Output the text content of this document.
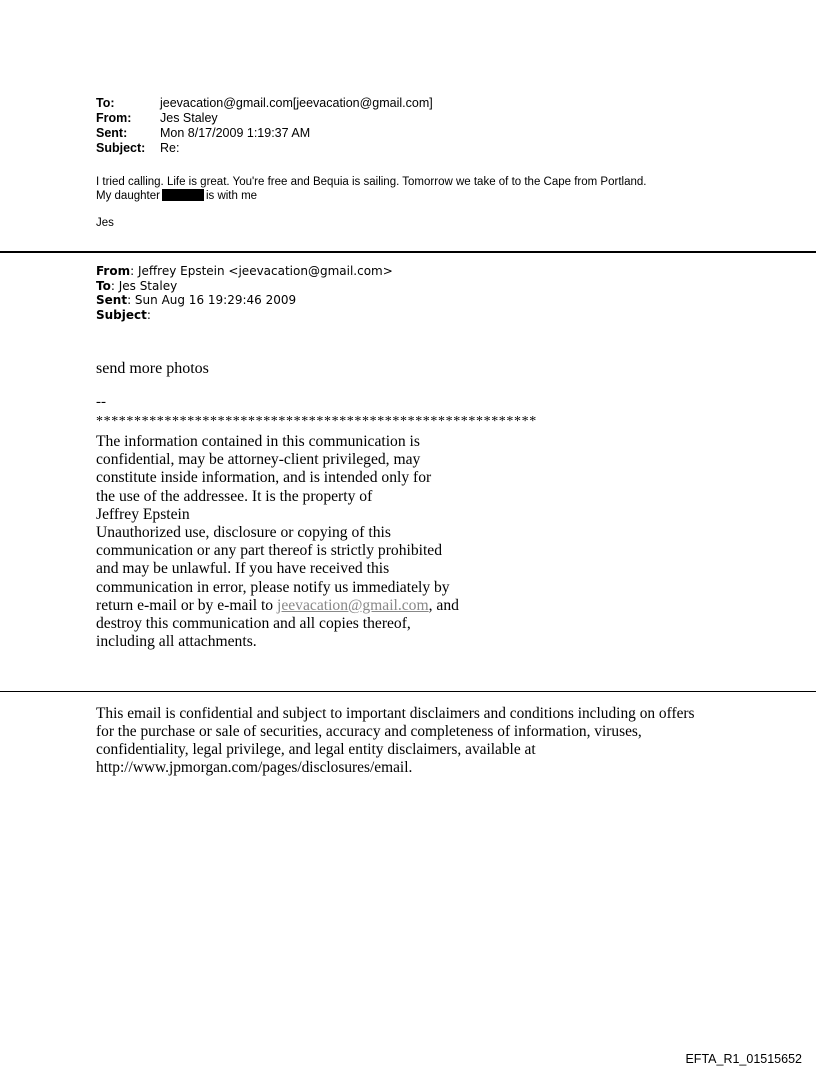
To:	jeevacation@gmail.com[jeevacation@gmail.com]
From:	Jes Staley
Sent:	Mon 8/17/2009 1:19:37 AM
Subject:	Re:
I tried calling. Life is great. You're free and Bequia is sailing. Tomorrow we take of to the Cape from Portland.
My daughter	is with me
Jes
From: Jeffrey Epstein <jeevacation@gmail.com>
To: Jes Staley
Sent: Sun Aug 16 19:29:46 2009
Subject:
send more photos
--
**********************************************************
The information contained in this communication is
confidential, may be attorney-client privileged, may
constitute inside information, and is intended only for
the use of the addressee. It is the property of
Jeffrey Epstein
Unauthorized use, disclosure or copying of this
communication or any part thereof is strictly prohibited
and may be unlawful. If you have received this
communication in error, please notify us immediately by
return e-mail or by e-mail to jeevacation@gmail.com, and
destroy this communication and all copies thereof,
including all attachments.
This email is confidential and subject to important disclaimers and conditions including on offers
for the purchase or sale of securities, accuracy and completeness of information, viruses,
confidentiality, legal privilege, and legal entity disclaimers, available at
http://www.jpmorgan.com/pages/disclosures/email.
EFTA_R1_01515652
